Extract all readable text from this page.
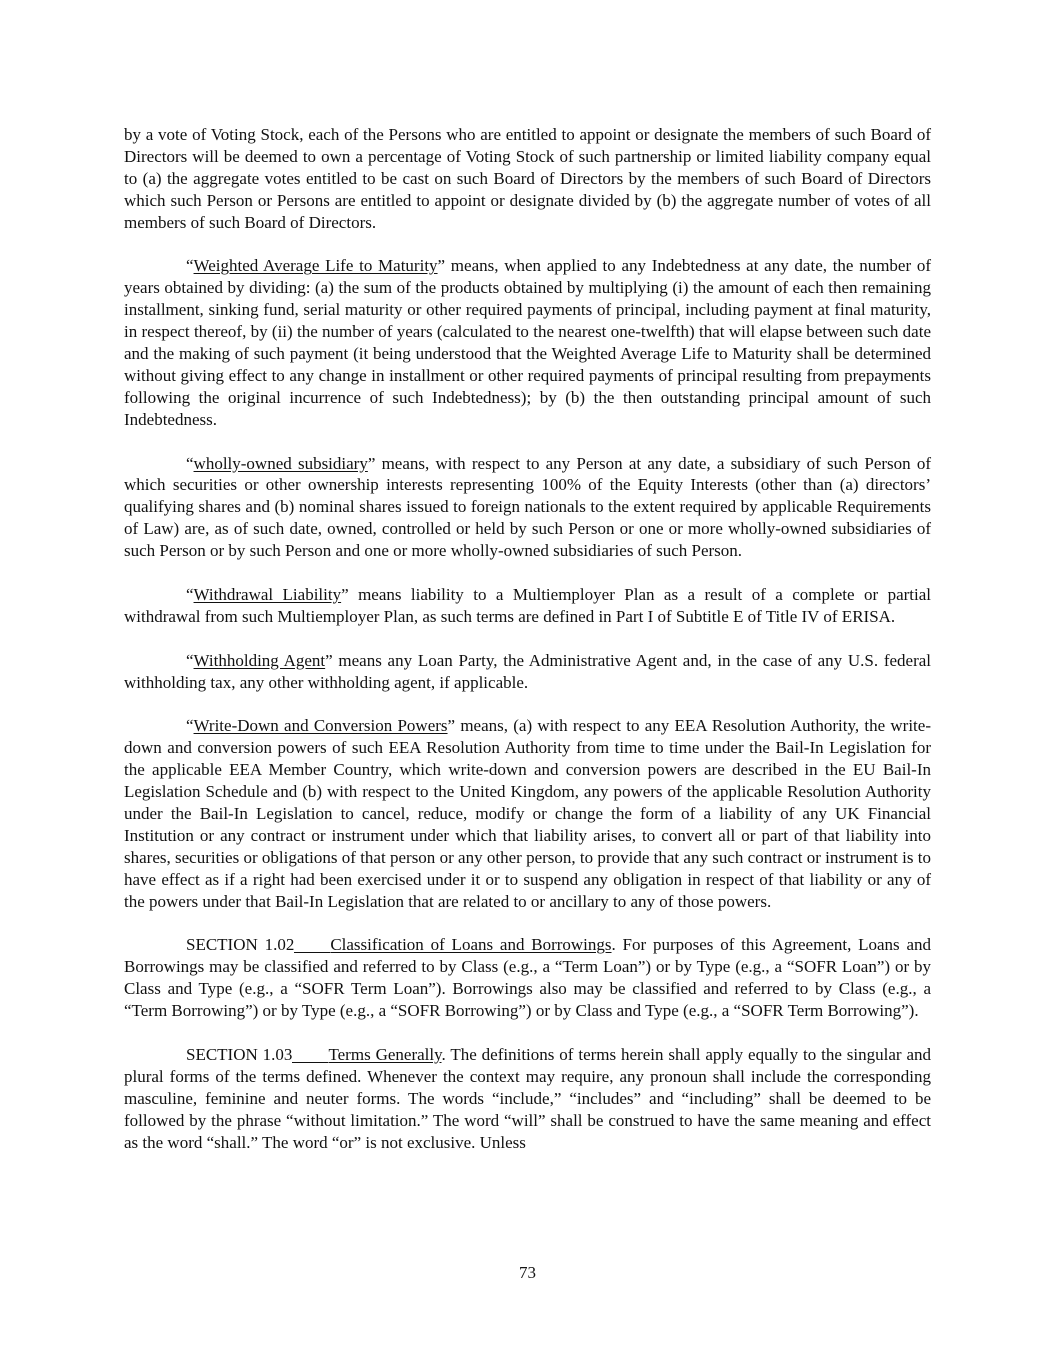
by a vote of Voting Stock, each of the Persons who are entitled to appoint or designate the members of such Board of Directors will be deemed to own a percentage of Voting Stock of such partnership or limited liability company equal to (a) the aggregate votes entitled to be cast on such Board of Directors by the members of such Board of Directors which such Person or Persons are entitled to appoint or designate divided by (b) the aggregate number of votes of all members of such Board of Directors.

“Weighted Average Life to Maturity” means, when applied to any Indebtedness at any date, the number of years obtained by dividing: (a) the sum of the products obtained by multiplying (i) the amount of each then remaining installment, sinking fund, serial maturity or other required payments of principal, including payment at final maturity, in respect thereof, by (ii) the number of years (calculated to the nearest one-twelfth) that will elapse between such date and the making of such payment (it being understood that the Weighted Average Life to Maturity shall be determined without giving effect to any change in installment or other required payments of principal resulting from prepayments following the original incurrence of such Indebtedness); by (b) the then outstanding principal amount of such Indebtedness.

“wholly-owned subsidiary” means, with respect to any Person at any date, a subsidiary of such Person of which securities or other ownership interests representing 100% of the Equity Interests (other than (a) directors’ qualifying shares and (b) nominal shares issued to foreign nationals to the extent required by applicable Requirements of Law) are, as of such date, owned, controlled or held by such Person or one or more wholly-owned subsidiaries of such Person or by such Person and one or more wholly-owned subsidiaries of such Person.

“Withdrawal Liability” means liability to a Multiemployer Plan as a result of a complete or partial withdrawal from such Multiemployer Plan, as such terms are defined in Part I of Subtitle E of Title IV of ERISA.

“Withholding Agent” means any Loan Party, the Administrative Agent and, in the case of any U.S. federal withholding tax, any other withholding agent, if applicable.

“Write-Down and Conversion Powers” means, (a) with respect to any EEA Resolution Authority, the write-down and conversion powers of such EEA Resolution Authority from time to time under the Bail-In Legislation for the applicable EEA Member Country, which write-down and conversion powers are described in the EU Bail-In Legislation Schedule and (b) with respect to the United Kingdom, any powers of the applicable Resolution Authority under the Bail-In Legislation to cancel, reduce, modify or change the form of a liability of any UK Financial Institution or any contract or instrument under which that liability arises, to convert all or part of that liability into shares, securities or obligations of that person or any other person, to provide that any such contract or instrument is to have effect as if a right had been exercised under it or to suspend any obligation in respect of that liability or any of the powers under that Bail-In Legislation that are related to or ancillary to any of those powers.

SECTION 1.02 Classification of Loans and Borrowings. For purposes of this Agreement, Loans and Borrowings may be classified and referred to by Class (e.g., a “Term Loan”) or by Type (e.g., a “SOFR Loan”) or by Class and Type (e.g., a “SOFR Term Loan”). Borrowings also may be classified and referred to by Class (e.g., a “Term Borrowing”) or by Type (e.g., a “SOFR Borrowing”) or by Class and Type (e.g., a “SOFR Term Borrowing”).

SECTION 1.03 Terms Generally. The definitions of terms herein shall apply equally to the singular and plural forms of the terms defined. Whenever the context may require, any pronoun shall include the corresponding masculine, feminine and neuter forms. The words “include,” “includes” and “including” shall be deemed to be followed by the phrase “without limitation.” The word “will” shall be construed to have the same meaning and effect as the word “shall.” The word “or” is not exclusive. Unless

73
